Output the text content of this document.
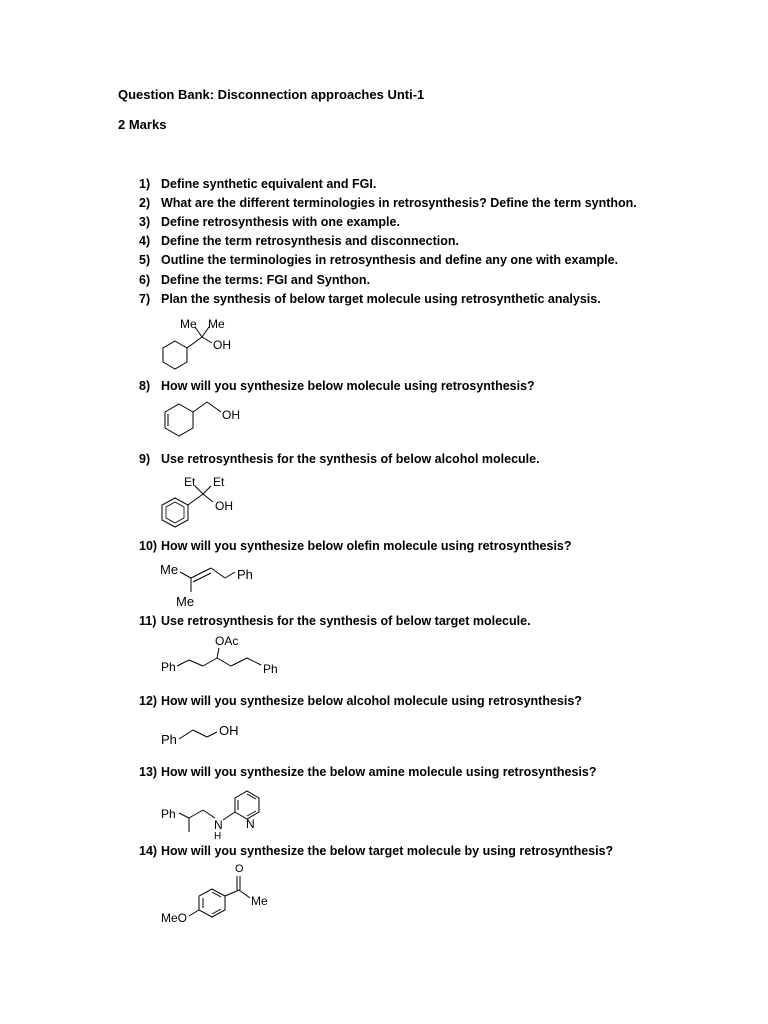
Question Bank: Disconnection approaches Unti-1
2 Marks
1) Define synthetic equivalent and FGI.
2) What are the different terminologies in retrosynthesis? Define the term synthon.
3) Define retrosynthesis with one example.
4) Define the term retrosynthesis and disconnection.
5) Outline the terminologies in retrosynthesis and define any one with example.
6) Define the terms: FGI and Synthon.
7) Plan the synthesis of below target molecule using retrosynthetic analysis.
Me Me
OH
8) How will you synthesize below molecule using retrosynthesis?
OH
9) Use retrosynthesis for the synthesis of below alcohol molecule.
Et Et
OH
10) How will you synthesize below olefin molecule using retrosynthesis?
Me
Me
Ph
11) Use retrosynthesis for the synthesis of below target molecule.
OAc
Ph	Ph
12) How will you synthesize below alcohol molecule using retrosynthesis?
Ph
OH
13) How will you synthesize the below amine molecule using retrosynthesis?
Ph
N
H
N
14) How will you synthesize the below target molecule by using retrosynthesis?
O
Me
MeO
